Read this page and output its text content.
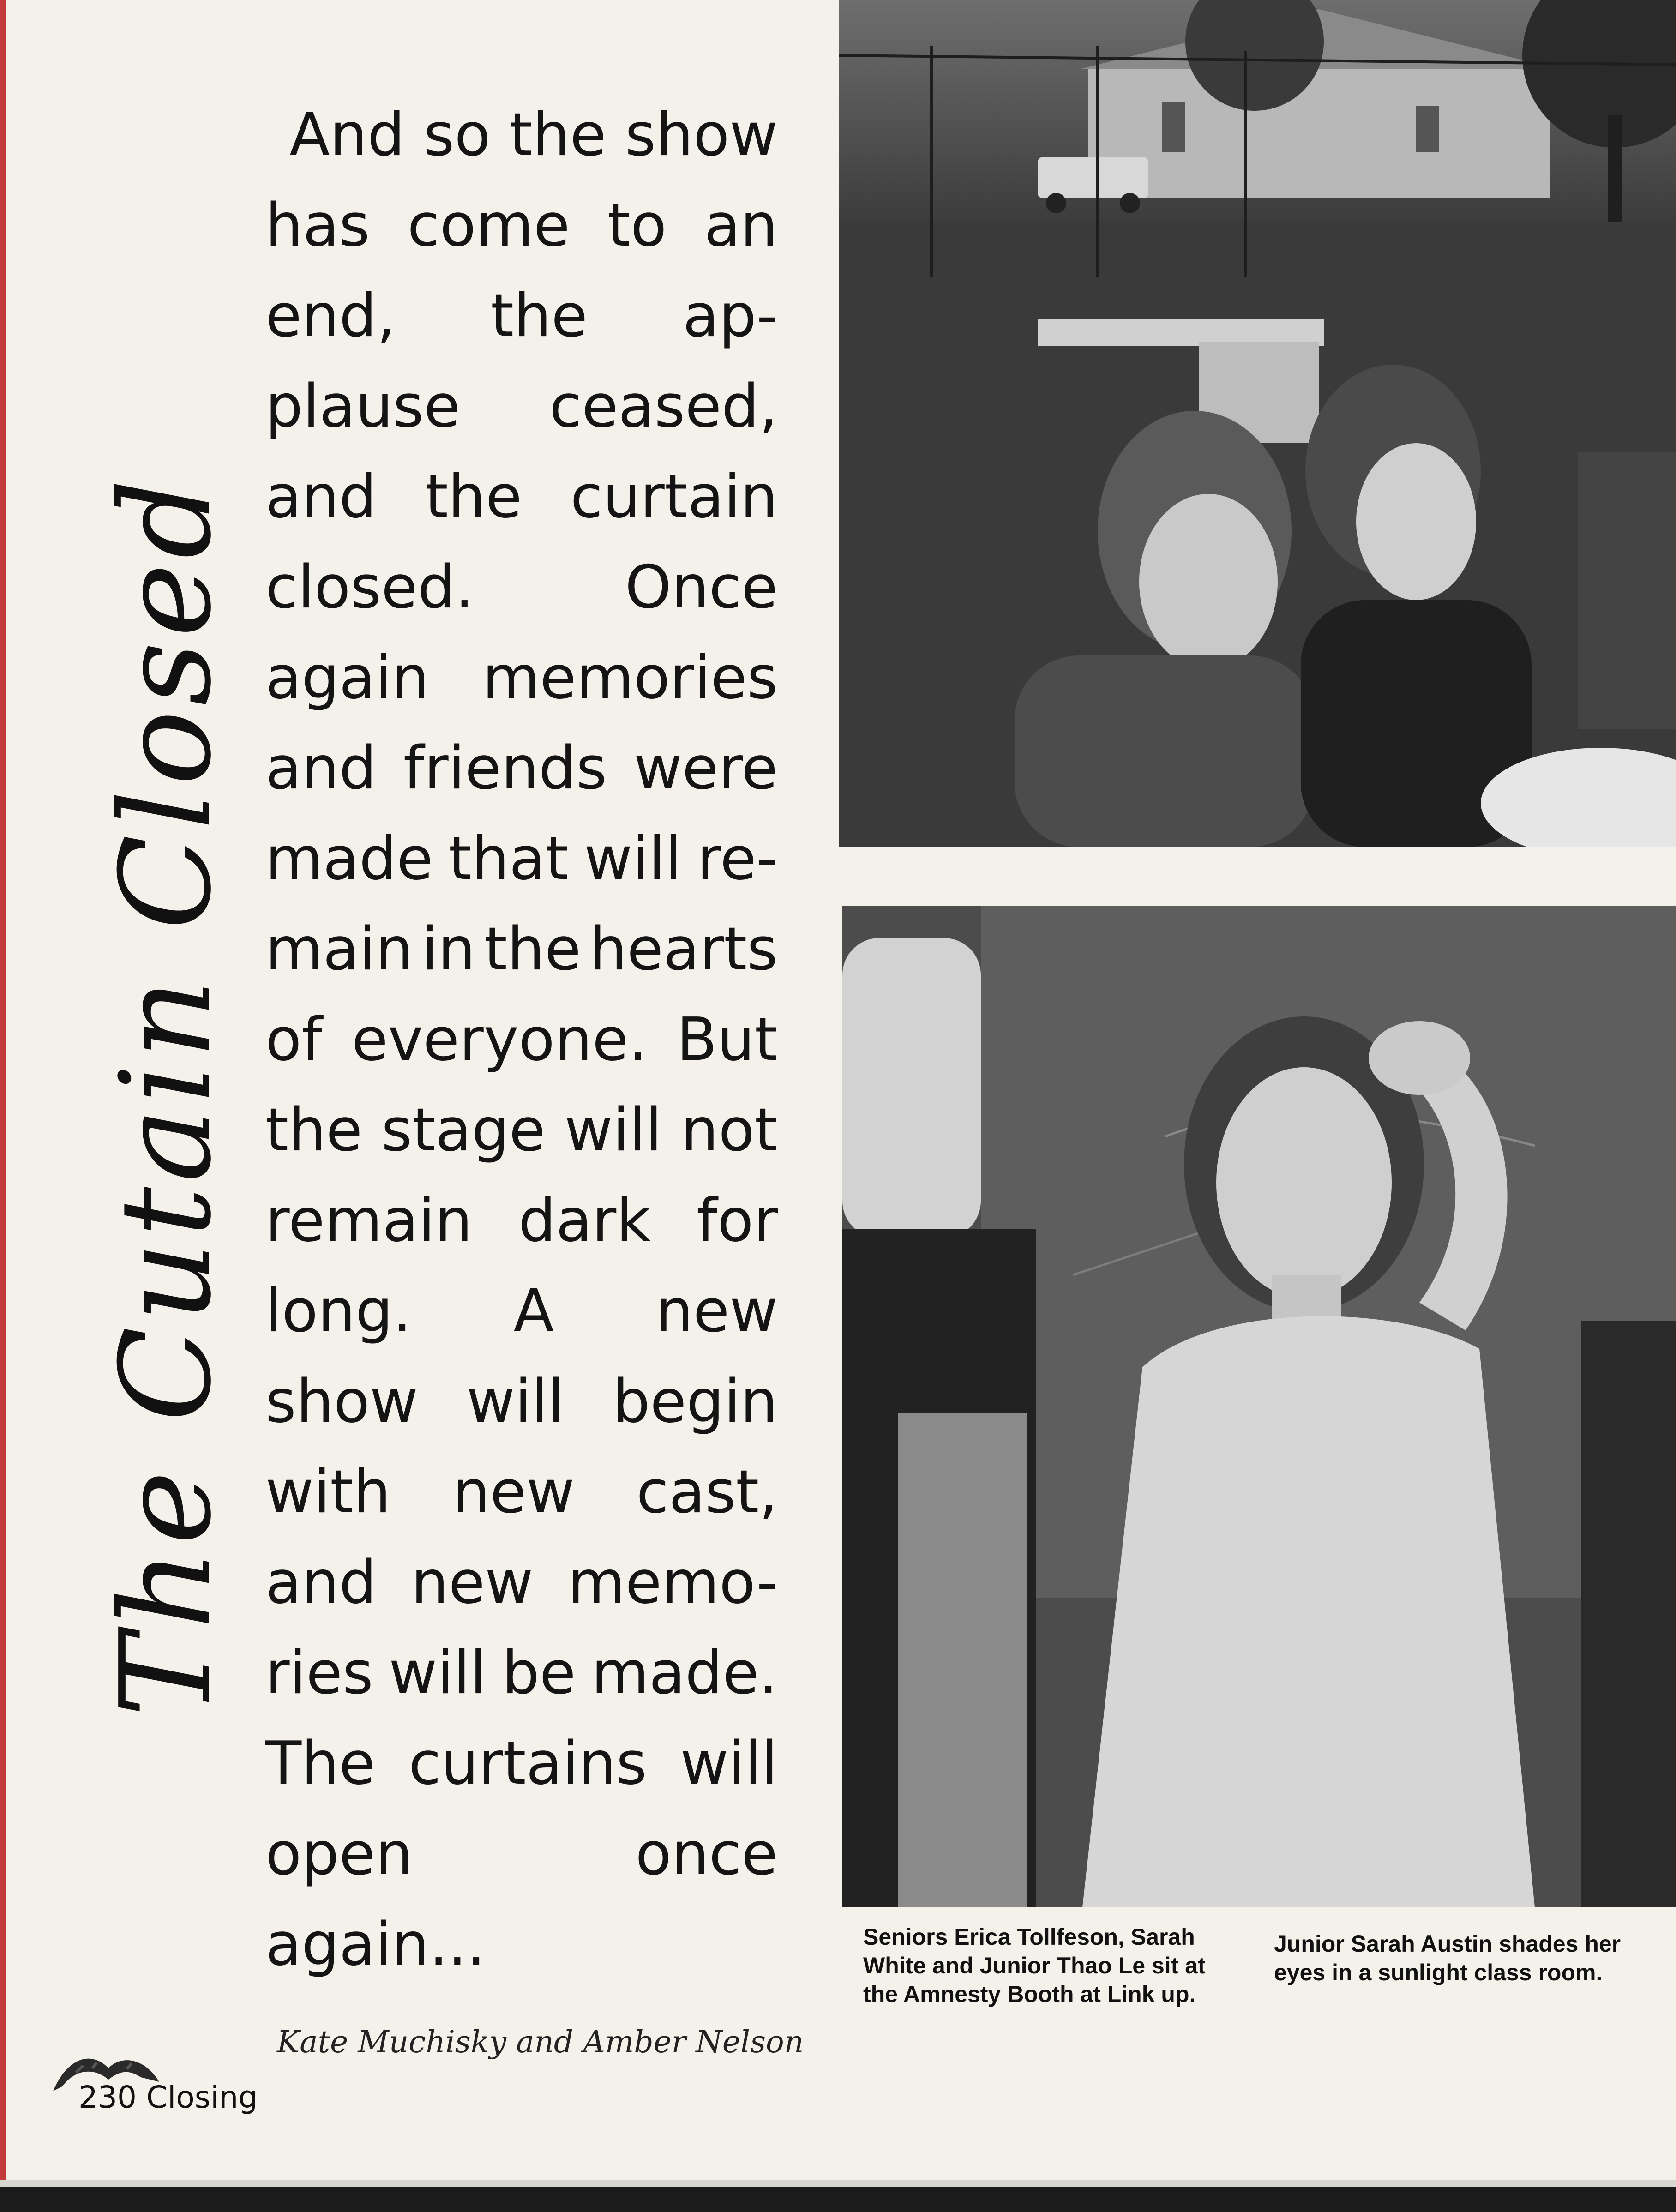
The Cutain Closed
And so the show
has come to an
end, the ap-
plause ceased,
and the curtain
closed.	Once
again memories
and friends were
made that will re-
main in the hearts
of everyone. But
the stage will not
remain dark for
long. A new
show will begin
with new cast,
and new memo-
ries will be made.
The curtains will
open	once
again...
Kate Muchisky and Amber Nelson
230 Closing
Seniors Erica Tollfeson, Sarah White and Junior Thao Le sit at the Amnesty Booth at Link up.
Junior Sarah Austin shades her eyes in a sunlight class room.
